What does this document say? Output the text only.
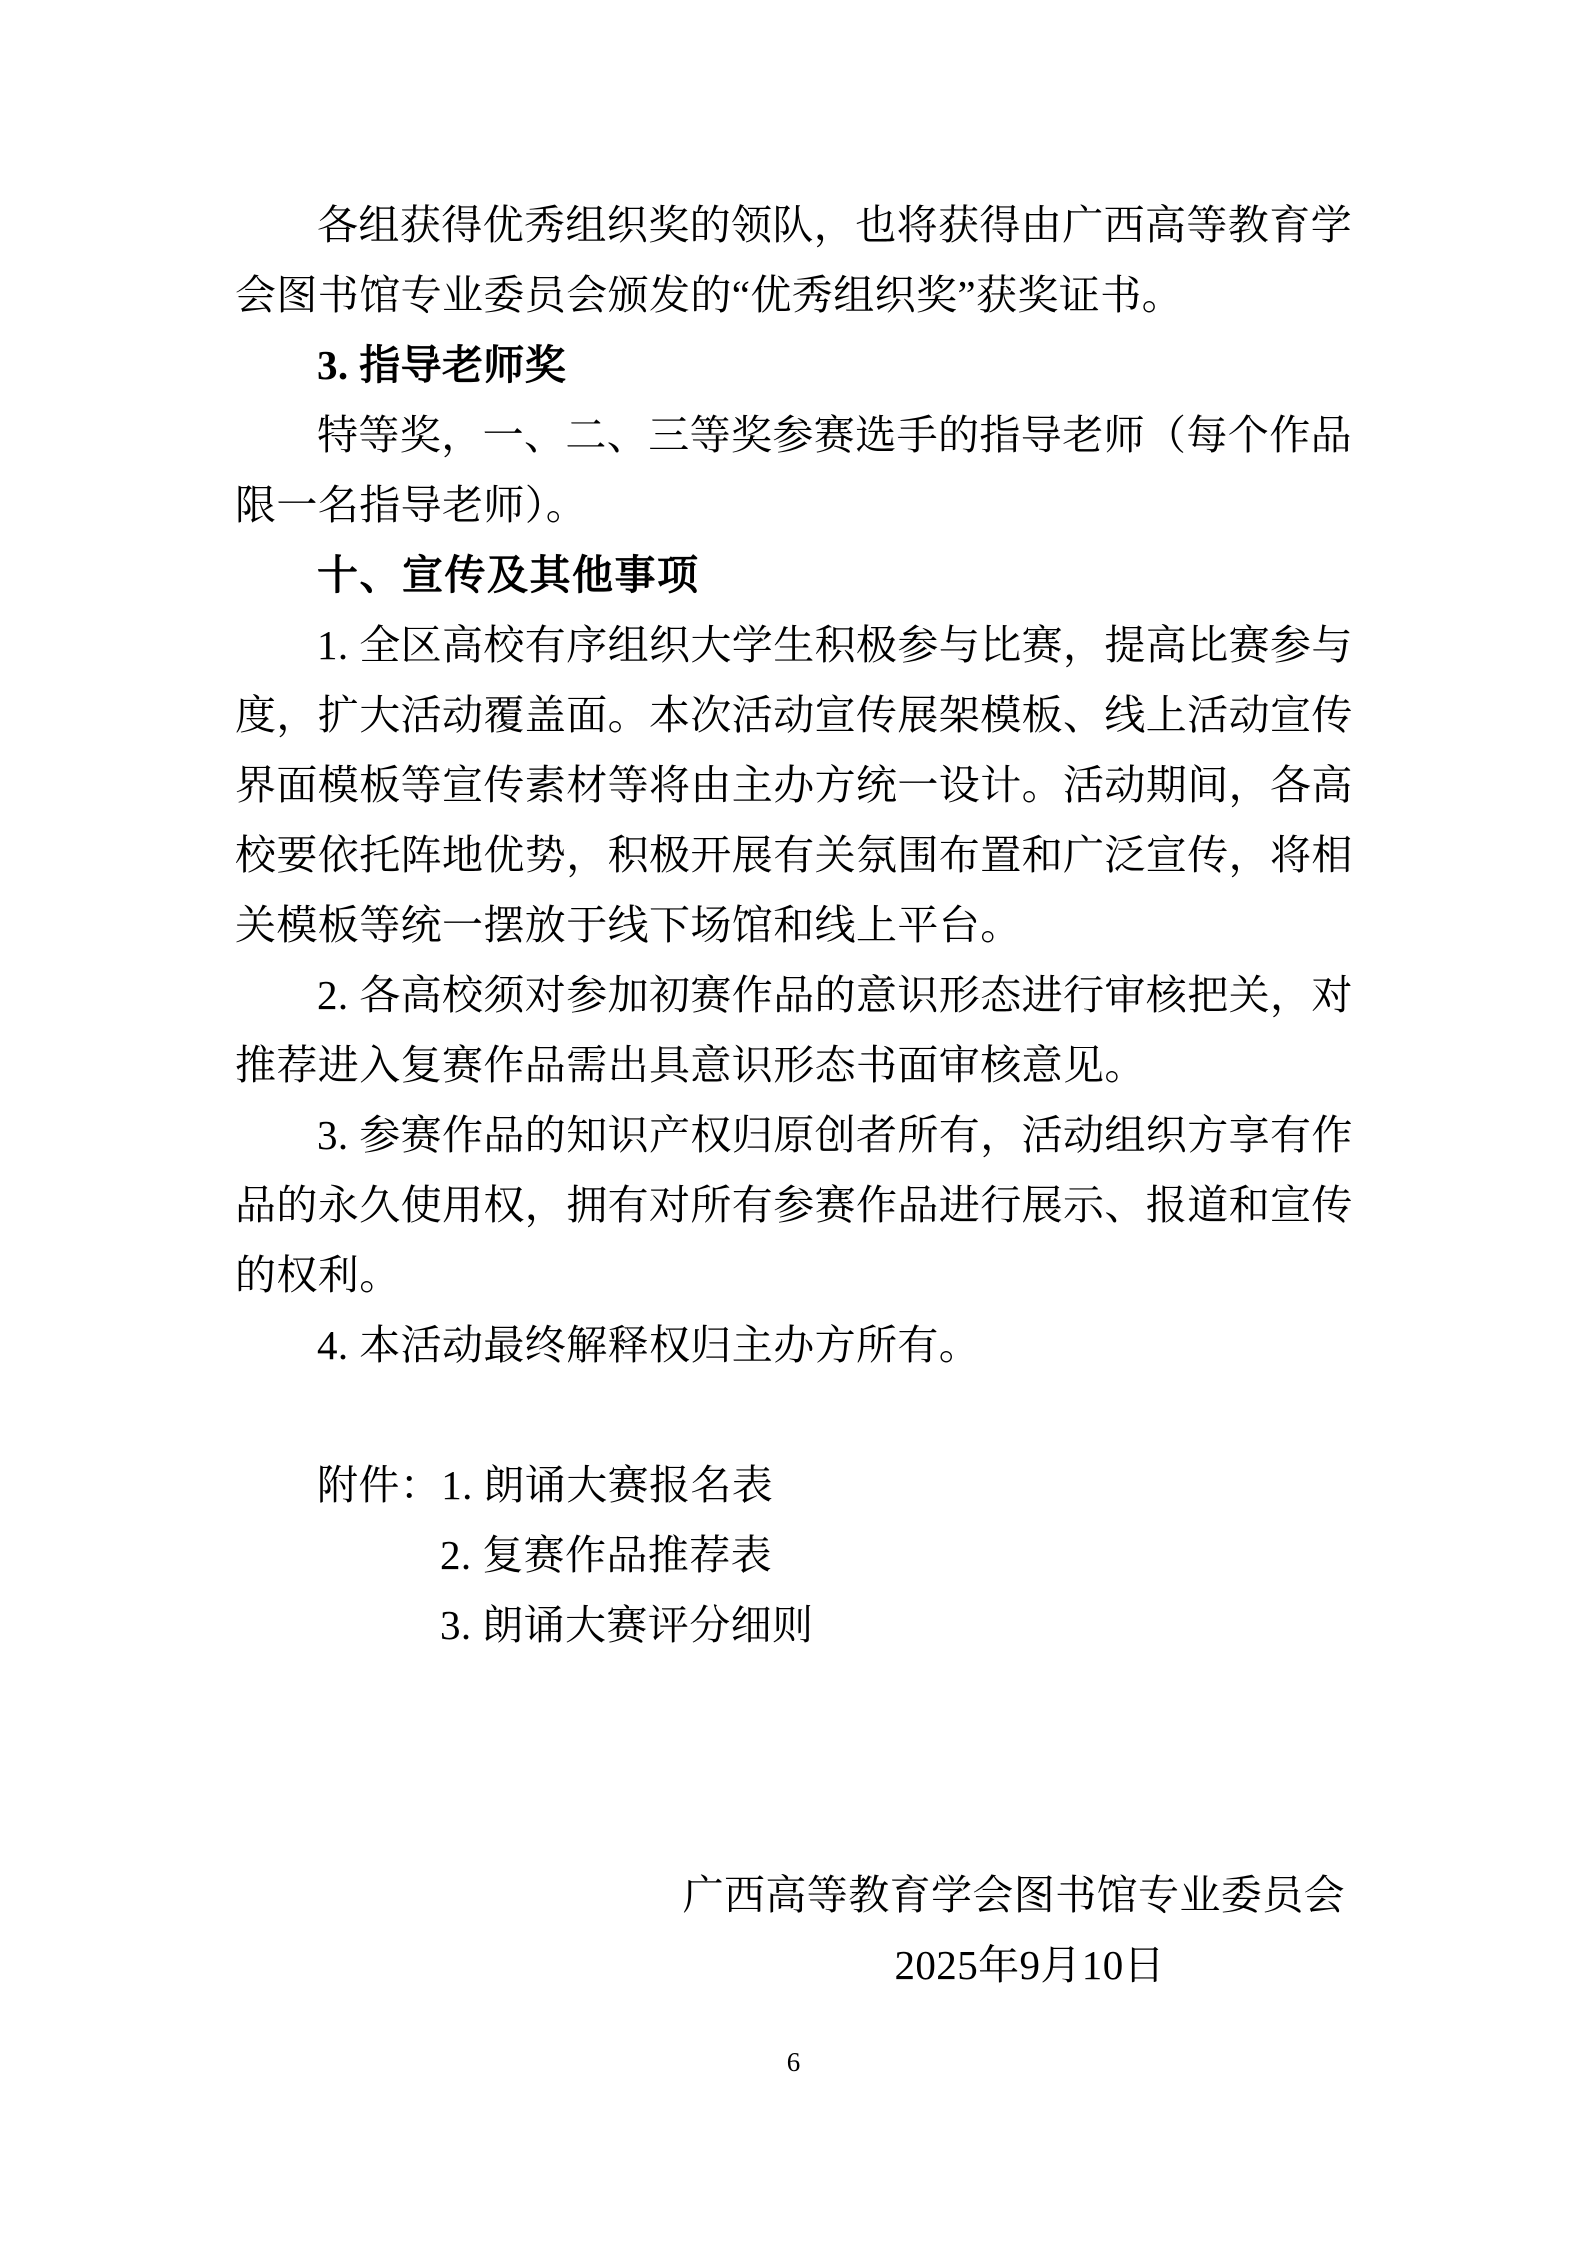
各组获得优秀组织奖的领队，也将获得由广西高等教育学
会图书馆专业委员会颁发的“优秀组织奖”获奖证书。
3. 指导老师奖
特等奖，一、二、三等奖参赛选手的指导老师（每个作品
限一名指导老师）。
十、宣传及其他事项
1. 全区高校有序组织大学生积极参与比赛，提高比赛参与
度，扩大活动覆盖面。本次活动宣传展架模板、线上活动宣传
界面模板等宣传素材等将由主办方统一设计。活动期间，各高
校要依托阵地优势，积极开展有关氛围布置和广泛宣传，将相
关模板等统一摆放于线下场馆和线上平台。
2. 各高校须对参加初赛作品的意识形态进行审核把关，对
推荐进入复赛作品需出具意识形态书面审核意见。
3. 参赛作品的知识产权归原创者所有，活动组织方享有作
品的永久使用权，拥有对所有参赛作品进行展示、报道和宣传
的权利。
4. 本活动最终解释权归主办方所有。
附件：1. 朗诵大赛报名表
2. 复赛作品推荐表
3. 朗诵大赛评分细则
广西高等教育学会图书馆专业委员会
2025年9月10日
6
